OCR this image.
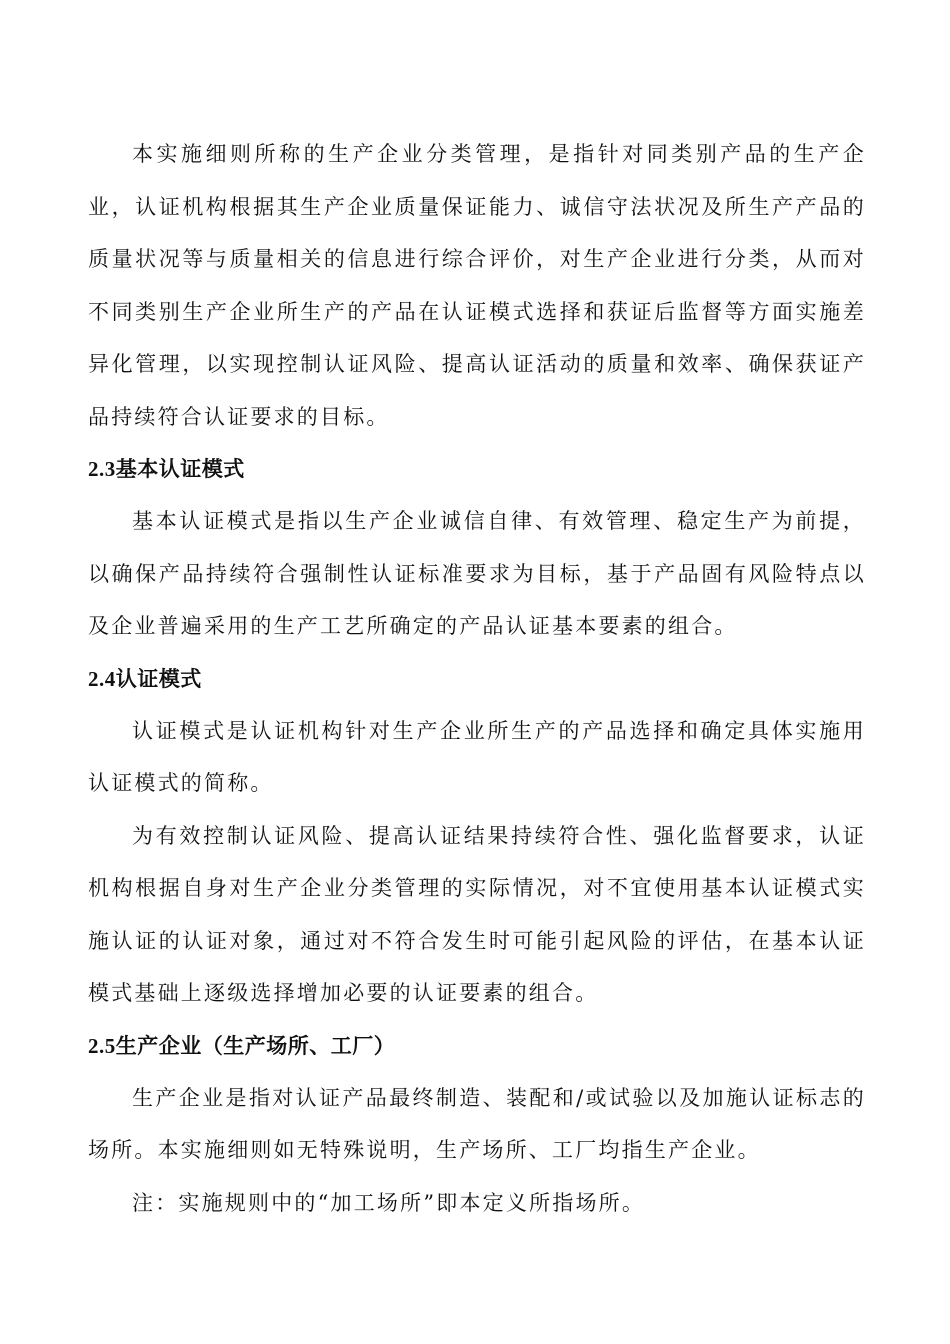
本实施细则所称的生产企业分类管理，是指针对同类别产品的生产企业，认证机构根据其生产企业质量保证能力、诚信守法状况及所生产产品的质量状况等与质量相关的信息进行综合评价，对生产企业进行分类，从而对不同类别生产企业所生产的产品在认证模式选择和获证后监督等方面实施差异化管理，以实现控制认证风险、提高认证活动的质量和效率、确保获证产品持续符合认证要求的目标。

2.3基本认证模式

基本认证模式是指以生产企业诚信自律、有效管理、稳定生产为前提，以确保产品持续符合强制性认证标准要求为目标，基于产品固有风险特点以及企业普遍采用的生产工艺所确定的产品认证基本要素的组合。

2.4认证模式

认证模式是认证机构针对生产企业所生产的产品选择和确定具体实施用认证模式的简称。

为有效控制认证风险、提高认证结果持续符合性、强化监督要求，认证机构根据自身对生产企业分类管理的实际情况，对不宜使用基本认证模式实施认证的认证对象，通过对不符合发生时可能引起风险的评估，在基本认证模式基础上逐级选择增加必要的认证要素的组合。

2.5生产企业（生产场所、工厂）

生产企业是指对认证产品最终制造、装配和/或试验以及加施认证标志的场所。本实施细则如无特殊说明，生产场所、工厂均指生产企业。

注：实施规则中的“加工场所”即本定义所指场所。
